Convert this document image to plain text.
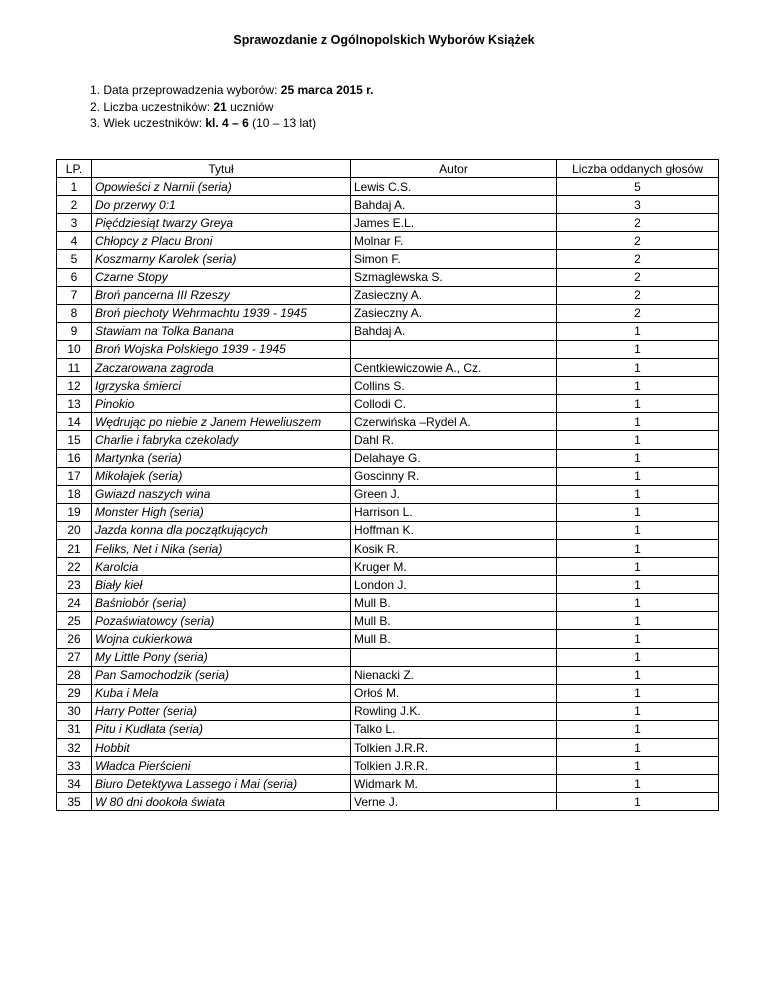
Sprawozdanie z Ogólnopolskich Wyborów Książek
1. Data przeprowadzenia wyborów: 25 marca 2015 r.
2. Liczba uczestników: 21 uczniów
3. Wiek uczestników: kl. 4 – 6 (10 – 13 lat)
LP.	Tytuł	Autor	Liczba oddanych głosów
1	Opowieści z Narnii (seria)	Lewis C.S.	5
2	Do przerwy 0:1	Bahdaj A.	3
3	Pięćdziesiąt twarzy Greya	James E.L.	2
4	Chłopcy z Placu Broni	Molnar F.	2
5	Koszmarny Karolek (seria)	Simon F.	2
6	Czarne Stopy	Szmaglewska S.	2
7	Broń pancerna III Rzeszy	Zasieczny A.	2
8	Broń piechoty Wehrmachtu 1939 - 1945	Zasieczny A.	2
9	Stawiam na Tolka Banana	Bahdaj A.	1
10	Broń Wojska Polskiego 1939 - 1945		1
11	Zaczarowana zagroda	Centkiewiczowie A., Cz.	1
12	Igrzyska śmierci	Collins S.	1
13	Pinokio	Collodi C.	1
14	Wędrując po niebie z Janem Heweliuszem	Czerwińska –Rydel A.	1
15	Charlie i fabryka czekolady	Dahl R.	1
16	Martynka (seria)	Delahaye G.	1
17	Mikołajek (seria)	Goscinny R.	1
18	Gwiazd naszych wina	Green J.	1
19	Monster High (seria)	Harrison L.	1
20	Jazda konna dla początkujących	Hoffman K.	1
21	Feliks, Net i Nika (seria)	Kosik R.	1
22	Karolcia	Kruger M.	1
23	Biały kieł	London J.	1
24	Baśniobór (seria)	Mull B.	1
25	Pozaświatowcy (seria)	Mull B.	1
26	Wojna cukierkowa	Mull B.	1
27	My Little Pony (seria)		1
28	Pan Samochodzik (seria)	Nienacki Z.	1
29	Kuba i Mela	Orłoś M.	1
30	Harry Potter (seria)	Rowling J.K.	1
31	Pitu i Kudłata (seria)	Talko L.	1
32	Hobbit	Tolkien J.R.R.	1
33	Władca Pierścieni	Tolkien J.R.R.	1
34	Biuro Detektywa Lassego i Mai (seria)	Widmark M.	1
35	W 80 dni dookoła świata	Verne J.	1
